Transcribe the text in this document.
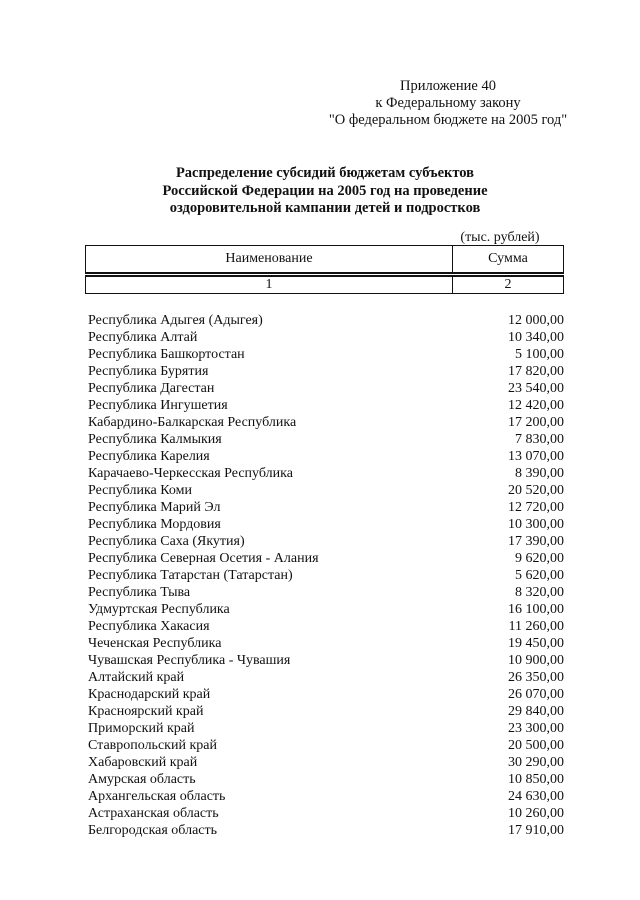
Приложение 40
к Федеральному закону
"О федеральном бюджете на 2005 год"
Распределение субсидий бюджетам субъектов
Российской Федерации на 2005 год на проведение
оздоровительной кампании детей и подростков
(тыс. рублей)
Наименование	Сумма
1	2
Республика Адыгея (Адыгея)	12 000,00
Республика Алтай	10 340,00
Республика Башкортостан	5 100,00
Республика Бурятия	17 820,00
Республика Дагестан	23 540,00
Республика Ингушетия	12 420,00
Кабардино-Балкарская Республика	17 200,00
Республика Калмыкия	7 830,00
Республика Карелия	13 070,00
Карачаево-Черкесская Республика	8 390,00
Республика Коми	20 520,00
Республика Марий Эл	12 720,00
Республика Мордовия	10 300,00
Республика Саха (Якутия)	17 390,00
Республика Северная Осетия - Алания	9 620,00
Республика Татарстан (Татарстан)	5 620,00
Республика Тыва	8 320,00
Удмуртская Республика	16 100,00
Республика Хакасия	11 260,00
Чеченская Республика	19 450,00
Чувашская Республика - Чувашия	10 900,00
Алтайский край	26 350,00
Краснодарский край	26 070,00
Красноярский край	29 840,00
Приморский край	23 300,00
Ставропольский край	20 500,00
Хабаровский край	30 290,00
Амурская область	10 850,00
Архангельская область	24 630,00
Астраханская область	10 260,00
Белгородская область	17 910,00
